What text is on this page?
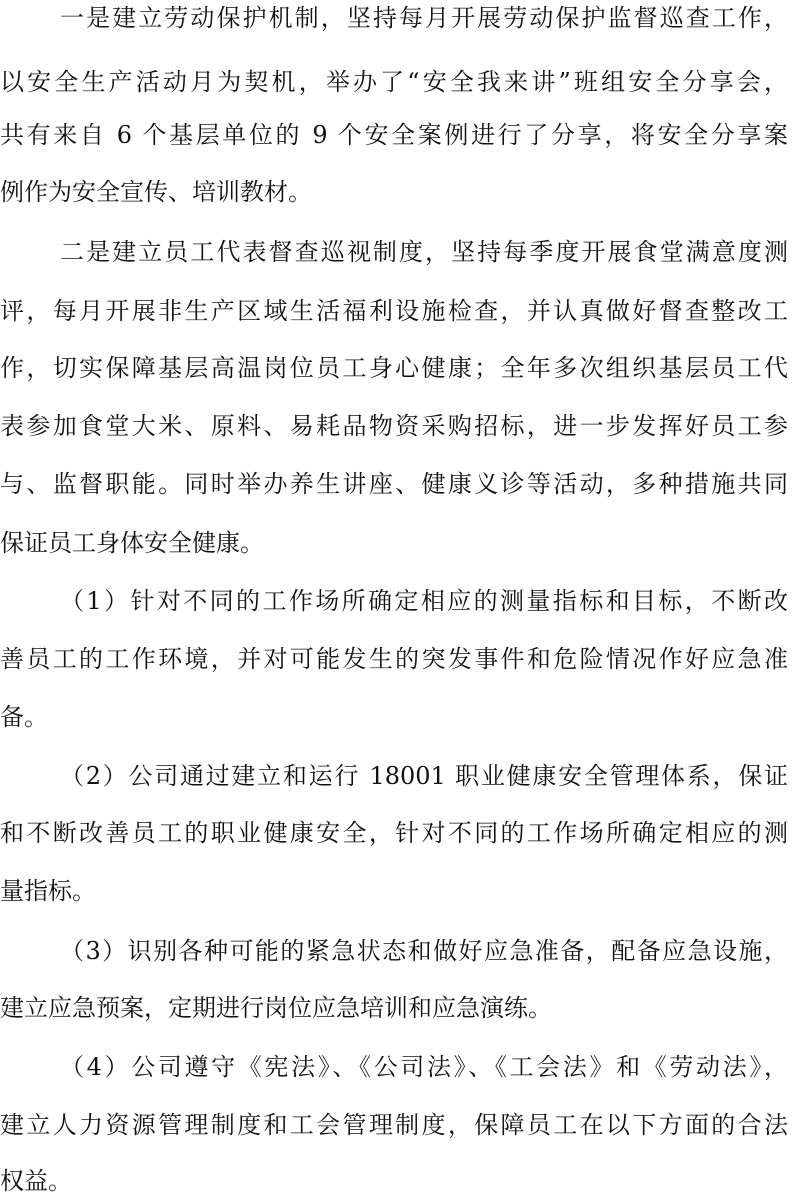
一是建立劳动保护机制，坚持每月开展劳动保护监督巡查工作，
以安全生产活动月为契机，举办了“安全我来讲”班组安全分享会，
共有来自 6 个基层单位的 9 个安全案例进行了分享，将安全分享案
例作为安全宣传、培训教材。
二是建立员工代表督查巡视制度，坚持每季度开展食堂满意度测
评，每月开展非生产区域生活福利设施检查，并认真做好督查整改工
作，切实保障基层高温岗位员工身心健康；全年多次组织基层员工代
表参加食堂大米、原料、易耗品物资采购招标，进一步发挥好员工参
与、监督职能。同时举办养生讲座、健康义诊等活动，多种措施共同
保证员工身体安全健康。
（1）针对不同的工作场所确定相应的测量指标和目标，不断改
善员工的工作环境，并对可能发生的突发事件和危险情况作好应急准
备。
（2）公司通过建立和运行 18001 职业健康安全管理体系，保证
和不断改善员工的职业健康安全，针对不同的工作场所确定相应的测
量指标。
（3）识别各种可能的紧急状态和做好应急准备，配备应急设施，
建立应急预案，定期进行岗位应急培训和应急演练。
（4）公司遵守《宪法》、《公司法》、《工会法》和《劳动法》，
建立人力资源管理制度和工会管理制度，保障员工在以下方面的合法
权益。
